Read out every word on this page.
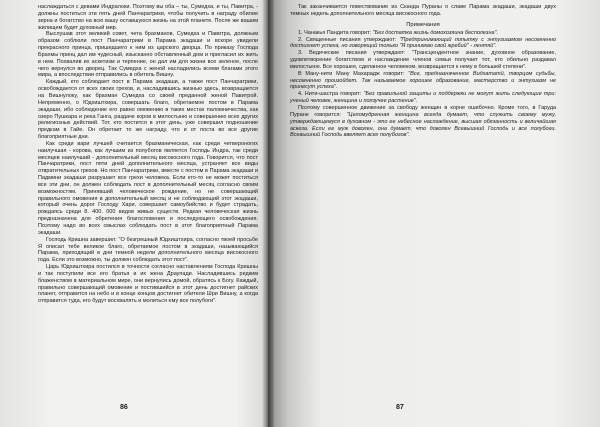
наслаждаться с девами Индралоки. Поэтому вы оба – ты, Сумедха, и ты, Павитра, - должны поститься эти пять дней Панчаратрики, чтобы получить в награду обилие зерна и богатство на всю вашу оставшуюся жизнь на этой планете. После же вашим жилищем будет духовный мир.

Выслушав этот великий совет, чета брахманов, Сумедха и Павитра, должным образом соблюли пост Панчаратрики в Парама экадаши и вскоре увидели прекрасного принца, пришедшего к ним из царского дворца. По приказу Господа Брахмы принц дал им чудесный, изысканно обставленный дом и пригласил их жить в нем. Похвалив их аскетизм и терпение, он дал им для жизни все зеленое, после чего вернулся во дворец. Так Сумедха с женой насладились всеми благами этого мира, а впоследствии отправились в обитель Вишну.

Каждый, кто соблюдает пост в Парама экадаши, а также пост Панчаратрики, освобождается от всех своих грехов, и, насладившись жизнью здесь, возвращается на Вишнулоку, как брахман Сумедха со своей преданной женой Павитрой. Непременно, о Юдхиштхира, совершать благо, обретаемое постом в Парама экадаши, ибо соблюдение его равно омовению в таких местах паломничества, как озеро Пушкара и река Ганга, раздаче коров в милостыню и совершению всех других религиозных действий. Тот, кто постится в этот день, уже совершил подношение предкам в Гайе. Он обретает то же награду, что и от поста во все другие благоприятные дни.

Как среди вари лучшей считается брахманическая, как среди четвероногих наилучшая - корова, как лучшим из полубогов является Господь Индра, так среди месяцев наилучший - дополнительный месяц високосного года. Говорится, что пост Панчаратрики, пост пяти дней дополнительного месяца, устраняет все виды отвратительных грехов. Но пост Панчаратрики, вместе с постом в Парама экадаши и Падмини экадаши разрушает все грехи человека. Если кто-то не может поститься все эти дни, он должен соблюдать пост в дополнительный месяц согласно своим возможностям. Принявший человеческое рождение, но не совершающий правильного омовения в дополнительный месяц и не соблюдающий этот экадаши, который очень дорог Господу Хари, совершает самоубийство и будет страдать, рождаясь среди 8. 400. 000 видов живых существ. Редкая человеческая жизнь предназначена для обретения благословения и последующего освобождения. Поэтому надо во всех смыслах соблюдать пост в этот благоприятный Парама экадаши.

Господь Кришна завершил: "О безгрешный Юдхиштхира, согласно твоей просьбе Я описал тебе великое благо, обретаемое постом в экадаши, называющийся Парама, приходящий в дни темной недели дополнительного месяца високосного года. Если это возможно, ты должен соблюдать этот пост".

Царь Юдхиштхира постился в точности согласно наставлениям Господа Кришны и так поступили все его братья и их жена Драупади. Насладившись редким блаженством в материальном мире, они вернулись домой, обратясь к Богу. Каждый, правильно совершающий омовение и постившийся в этот день достигнет райских планет, отправится на небо и в конце концов достигнет обители Шри Вишну, а когда отправится туда, его будут восхвалять и молиться ему все полубоги".

86

Так заканчивается повествование из Сканда Пураны о славе Парама экадаши, экадаши двух темных недель дополнительного месяца високосного года.

Примечания

1. Чанакья Пандита говорит: "Без достатка жизнь домохозяина бесполезна".

2. Священные писания утверждают: "Предпринимающий попытку с энтузиазмом несомненно достигнет успеха, но говорящий только "Я принимаю свой жребий" - лентяй".

3. Ведические писания утверждают: "Трансцендентное знание, духовное образование, удовлетворение богатством и наслаждение членов семьи получает тот, кто обильно раздавал милостыню. Все хорошее, сделанное человеком, возвращается к нему в большей степени".

В Ману-нити Ману Махарадж говорит: "Все, предназначенное Видхататй, творцом судьбы, несомненно произойдет. Так называемое хорошее образование, мастерство и энтузиазм не принесут успеха".

4. Нити-шастра говорит: "Без правильной защиты и поддержки не могут жить следующие три: ученый человек, женщина и ползучее растение".

Поэтому совершенное движение за свободу женщин в корне ошибочно. Кроме того, в Гаруда Пуране говорится: "Целомудренная женщина всегда думает, что служить своему мужу, утверждающемуся в духовном - это ее небесное наслаждение, высшая обязанность и величайшая аскеза. Если ее муж доволен, она думает, что доволен Всевышний Господь и все полубоги. Всевышний Господь ввеляет всех полубогов".

87
